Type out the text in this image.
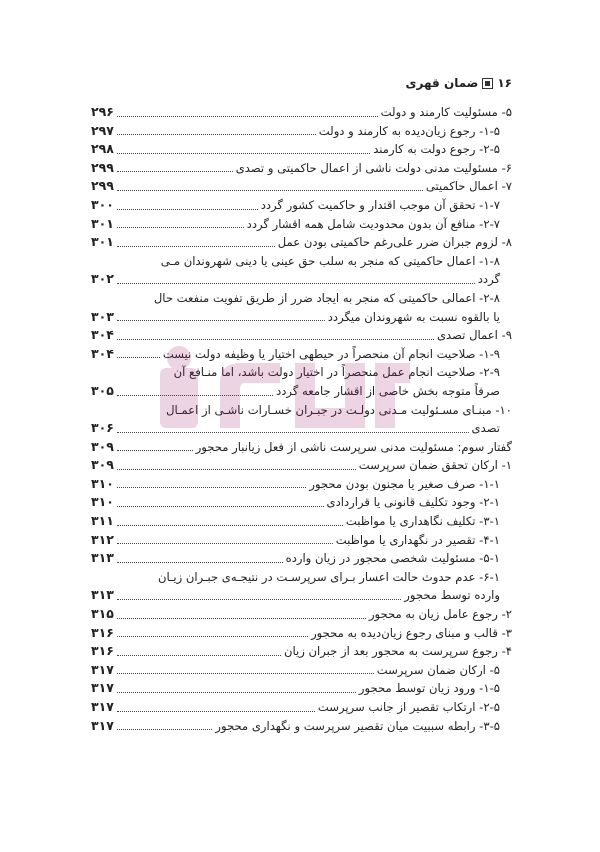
۱۶
ضمان قهری
۵- مسئولیت کارمند و دولت
۲۹۶
۱-۵- رجوع زیان‌دیده به کارمند و دولت
۲۹۷
۲-۵- رجوع دولت به کارمند
۲۹۸
۶- مسئولیت مدنی دولت ناشی از اعمال حاکمیتی و تصدی
۲۹۹
۷- اعمال حاکمیتی
۲۹۹
۱-۷- تحقق آن موجب اقتدار و حاکمیت کشور گردد
۳۰۰
۲-۷- منافع آن بدون محدودیت شامل همه اقشار گردد
۳۰۱
۸- لزوم جبران ضرر علی‌رغم حاکمیتی بودن عمل
۳۰۱
۱-۸- اعمال حاکمیتی که منجر به سلب حق عینی یا دینی شهروندان مـی
گردد
۳۰۲
۲-۸- اعمالی حاکمیتی که منجر به ایجاد ضرر از طریق تفویت منفعت حال
یا بالقوه نسبت به شهروندان میگردد
۳۰۳
۹- اعمال تصدی
۳۰۴
۱-۹- صلاحیت انجام آن منحصراً در حیطهی اختیار یا وظیفه دولت نیست
۳۰۴
۲-۹- صلاحیت انجام عمل منحصراً در اختیار دولت باشد، اما منـافع آن
صرفاً متوجه بخش خاصی از اقشار جامعه گردد
۳۰۵
۱۰- مبنـای مسـئولیت مـدنی دولـت در جبـران خسـارات ناشـی از اعمـال
تصدی
۳۰۶
گفتار سوم: مسئولیت مدنی سرپرست ناشی از فعل زیانبار محجور
۳۰۹
۱- ارکان تحقق ضمان سرپرست
۳۰۹
۱-۱- صرف صغیر یا مجنون بودن محجور
۳۱۰
۲-۱- وجود تکلیف قانونی یا قراردادی
۳۱۰
۳-۱- تکلیف نگاهداری یا مواظبت
۳۱۱
۴-۱- تقصیر در نگهداری یا مواظبت
۳۱۲
۵-۱- مسئولیت شخصی محجور در زیان وارده
۳۱۳
۶-۱- عدم حدوث حالت اعسار بـرای سرپرسـت در نتیجـه‌ی جبـران زیـان
وارده توسط محجور
۳۱۳
۲- رجوع عامل زیان به محجور
۳۱۵
۳- قالب و مبنای رجوع زیان‌دیده به محجور
۳۱۶
۴- رجوع سرپرست به محجور بعد از جبران زیان
۳۱۶
۵- ارکان ضمان سرپرست
۳۱۷
۱-۵- ورود زیان توسط محجور
۳۱۷
۲-۵- ارتکاب تقصیر از جانب سرپرست
۳۱۷
۳-۵- رابطه سببیت میان تقصیر سرپرست و نگهداری محجور
۳۱۷
